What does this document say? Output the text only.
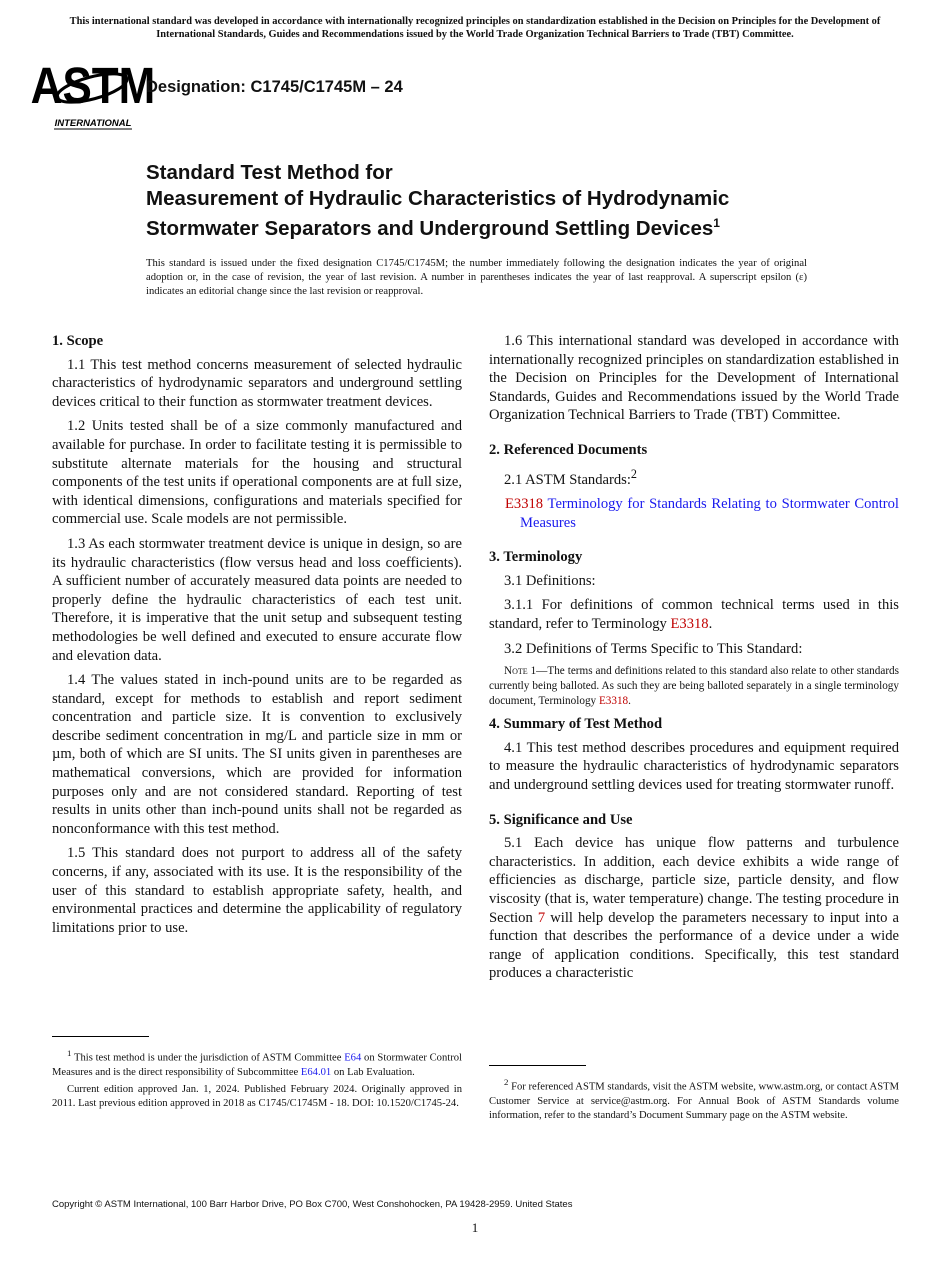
This international standard was developed in accordance with internationally recognized principles on standardization established in the Decision on Principles for the Development of International Standards, Guides and Recommendations issued by the World Trade Organization Technical Barriers to Trade (TBT) Committee.
ASTM
INTERNATIONAL
Designation: C1745/C1745M – 24
Standard Test Method for
Measurement of Hydraulic Characteristics of Hydrodynamic
Stormwater Separators and Underground Settling Devices$^1$
This standard is issued under the fixed designation C1745/C1745M; the number immediately following the designation indicates the year of original adoption or, in the case of revision, the year of last revision. A number in parentheses indicates the year of last reapproval. A superscript epsilon (ε) indicates an editorial change since the last revision or reapproval.
1. Scope

1.1 This test method concerns measurement of selected hydraulic characteristics of hydrodynamic separators and underground settling devices critical to their function as stormwater treatment devices.

1.2 Units tested shall be of a size commonly manufactured and available for purchase. In order to facilitate testing it is permissible to substitute alternate materials for the housing and structural components of the test units if operational components are at full size, with identical dimensions, configurations and materials specified for commercial use. Scale models are not permissible.

1.3 As each stormwater treatment device is unique in design, so are its hydraulic characteristics (flow versus head and loss coefficients). A sufficient number of accurately measured data points are needed to properly define the hydraulic characteristics of each test unit. Therefore, it is imperative that the unit setup and subsequent testing methodologies be well defined and executed to ensure accurate flow and elevation data.

1.4 The values stated in inch-pound units are to be regarded as standard, except for methods to establish and report sediment concentration and particle size. It is convention to exclusively describe sediment concentration in mg/L and particle size in mm or µm, both of which are SI units. The SI units given in parentheses are mathematical conversions, which are provided for information purposes only and are not considered standard. Reporting of test results in units other than inch-pound units shall not be regarded as nonconformance with this test method.

1.5 This standard does not purport to address all of the safety concerns, if any, associated with its use. It is the responsibility of the user of this standard to establish appropriate safety, health, and environmental practices and determine the applicability of regulatory limitations prior to use.

1.6 This international standard was developed in accordance with internationally recognized principles on standardization established in the Decision on Principles for the Development of International Standards, Guides and Recommendations issued by the World Trade Organization Technical Barriers to Trade (TBT) Committee.

2. Referenced Documents

2.1 ASTM Standards:$^2$

E3318 Terminology for Standards Relating to Stormwater Control Measures

3. Terminology

3.1 Definitions:

3.1.1 For definitions of common technical terms used in this standard, refer to Terminology E3318.

3.2 Definitions of Terms Specific to This Standard:

Note 1—The terms and definitions related to this standard also relate to other standards currently being balloted. As such they are being balloted separately in a single terminology document, Terminology E3318.

4. Summary of Test Method

4.1 This test method describes procedures and equipment required to measure the hydraulic characteristics of hydrodynamic separators and underground settling devices used for treating stormwater runoff.

5. Significance and Use

5.1 Each device has unique flow patterns and turbulence characteristics. In addition, each device exhibits a wide range of efficiencies as discharge, particle size, particle density, and flow viscosity (that is, water temperature) change. The testing procedure in Section 7 will help develop the parameters necessary to input into a function that describes the performance of a device under a wide range of application conditions. Specifically, this test standard produces a characteristic

$^1$ This test method is under the jurisdiction of ASTM Committee E64 on Stormwater Control Measures and is the direct responsibility of Subcommittee E64.01 on Lab Evaluation.

Current edition approved Jan. 1, 2024. Published February 2024. Originally approved in 2011. Last previous edition approved in 2018 as C1745/C1745M - 18. DOI: 10.1520/C1745-24.

$^2$ For referenced ASTM standards, visit the ASTM website, www.astm.org, or contact ASTM Customer Service at service@astm.org. For Annual Book of ASTM Standards volume information, refer to the standard’s Document Summary page on the ASTM website.

Copyright © ASTM International, 100 Barr Harbor Drive, PO Box C700, West Conshohocken, PA 19428-2959. United States
1
